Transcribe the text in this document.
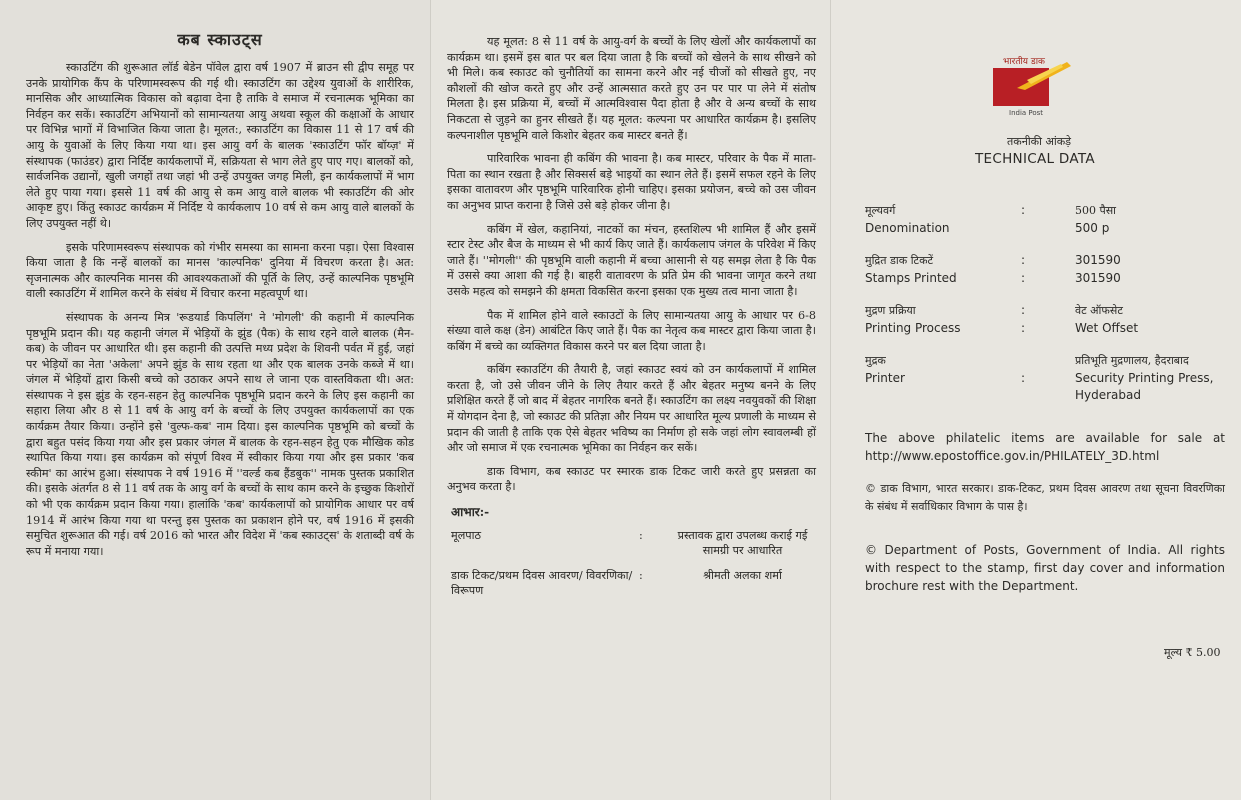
कब स्काउट्स

स्काउटिंग की शुरूआत लॉर्ड बेडेन पॉवेल द्वारा वर्ष 1907 में ब्राउन सी द्वीप समूह पर उनके प्रायोगिक कैंप के परिणामस्वरूप की गई थी। स्काउटिंग का उद्देश्य युवाओं के शारीरिक, मानसिक और आध्यात्मिक विकास को बढ़ावा देना है ताकि वे समाज में रचनात्मक भूमिका का निर्वहन कर सकें। स्काउटिंग अभियानों को सामान्यतया आयु अथवा स्कूल की कक्षाओं के आधार पर विभिन्न भागों में विभाजित किया जाता है। मूलत:, स्काउटिंग का विकास 11 से 17 वर्ष की आयु के युवाओं के लिए किया गया था। इस आयु वर्ग के बालक 'स्काउटिंग फॉर बॉय्ज़' में संस्थापक (फाउंडर) द्वारा निर्दिष्ट कार्यकलापों में, सक्रियता से भाग लेते हुए पाए गए। बालकों को, सार्वजनिक उद्यानों, खुली जगहों तथा जहां भी उन्हें उपयुक्त जगह मिली, इन कार्यकलापों में भाग लेते हुए पाया गया। इससे 11 वर्ष की आयु से कम आयु वाले बालक भी स्काउटिंग की ओर आकृष्ट हुए। किंतु स्काउट कार्यक्रम में निर्दिष्ट ये कार्यकलाप 10 वर्ष से कम आयु वाले बालकों के लिए उपयुक्त नहीं थे।

इसके परिणामस्वरूप संस्थापक को गंभीर समस्या का सामना करना पड़ा। ऐसा विश्वास किया जाता है कि नन्हें बालकों का मानस 'काल्पनिक' दुनिया में विचरण करता है। अत: सृजनात्मक और काल्पनिक मानस की आवश्यकताओं की पूर्ति के लिए, उन्हें काल्पनिक पृष्ठभूमि वाली स्काउटिंग में शामिल करने के संबंध में विचार करना महत्वपूर्ण था।

संस्थापक के अनन्य मित्र 'रूडयार्ड किपलिंग' ने 'मोगली' की कहानी में काल्पनिक पृष्ठभूमि प्रदान की। यह कहानी जंगल में भेड़ियों के झुंड (पैक) के साथ रहने वाले बालक (मैन-कब) के जीवन पर आधारित थी। इस कहानी की उत्पत्ति मध्य प्रदेश के शिवनी पर्वत में हुई, जहां पर भेड़ियों का नेता 'अकेला' अपने झुंड के साथ रहता था और एक बालक उनके कब्जे में था। जंगल में भेड़ियों द्वारा किसी बच्चे को उठाकर अपने साथ ले जाना एक वास्तविकता थी। अत: संस्थापक ने इस झुंड के रहन-सहन हेतु काल्पनिक पृष्ठभूमि प्रदान करने के लिए इस कहानी का सहारा लिया और 8 से 11 वर्ष के आयु वर्ग के बच्चों के लिए उपयुक्त कार्यकलापों का एक कार्यक्रम तैयार किया। उन्होंने इसे 'वुल्फ-कब' नाम दिया। इस काल्पनिक पृष्ठभूमि को बच्चों के द्वारा बहुत पसंद किया गया और इस प्रकार जंगल में बालक के रहन-सहन हेतु एक मौखिक कोड स्थापित किया गया। इस कार्यक्रम को संपूर्ण विश्व में स्वीकार किया गया और इस प्रकार 'कब स्कीम' का आरंभ हुआ। संस्थापक ने वर्ष 1916 में ''वर्ल्ड कब हैंडबुक'' नामक पुस्तक प्रकाशित की। इसके अंतर्गत 8 से 11 वर्ष तक के आयु वर्ग के बच्चों के साथ काम करने के इच्छुक किशोरों को भी एक कार्यक्रम प्रदान किया गया। हालांकि 'कब' कार्यकलापों को प्रायोगिक आधार पर वर्ष 1914 में आरंभ किया गया था परन्तु इस पुस्तक का प्रकाशन होने पर, वर्ष 1916 में इसकी समुचित शुरूआत की गई। वर्ष 2016 को भारत और विदेश में 'कब स्काउट्स' के शताब्दी वर्ष के रूप में मनाया गया।

यह मूलत: 8 से 11 वर्ष के आयु-वर्ग के बच्चों के लिए खेलों और कार्यकलापों का कार्यक्रम था। इसमें इस बात पर बल दिया जाता है कि बच्चों को खेलने के साथ सीखने को भी मिले। कब स्काउट को चुनौतियों का सामना करने और नई चीजों को सीखते हुए, नए कौशलों की खोज करते हुए और उन्हें आत्मसात करते हुए उन पर पार पा लेने में संतोष मिलता है। इस प्रक्रिया में, बच्चों में आत्मविश्वास पैदा होता है और वे अन्य बच्चों के साथ निकटता से जुड़ने का हुनर सीखते हैं। यह मूलत: कल्पना पर आधारित कार्यक्रम है। इसलिए कल्पनाशील पृष्ठभूमि वाले किशोर बेहतर कब मास्टर बनते हैं।

पारिवारिक भावना ही कबिंग की भावना है। कब मास्टर, परिवार के पैक में माता-पिता का स्थान रखता है और सिक्सर्स बड़े भाइयों का स्थान लेते हैं। इसमें सफल रहने के लिए इसका वातावरण और पृष्ठभूमि पारिवारिक होनी चाहिए। इसका प्रयोजन, बच्चे को उस जीवन का अनुभव प्राप्त कराना है जिसे उसे बड़े होकर जीना है।

कबिंग में खेल, कहानियां, नाटकों का मंचन, हस्तशिल्प भी शामिल हैं और इसमें स्टार टेस्ट और बैज के माध्यम से भी कार्य किए जाते हैं। कार्यकलाप जंगल के परिवेश में किए जाते हैं। ''मोगली'' की पृष्ठभूमि वाली कहानी में बच्चा आसानी से यह समझ लेता है कि पैक में उससे क्या आशा की गई है। बाहरी वातावरण के प्रति प्रेम की भावना जागृत करने तथा उसके महत्व को समझने की क्षमता विकसित करना इसका एक मुख्य तत्व माना जाता है।

पैक में शामिल होने वाले स्काउटों के लिए सामान्यतया आयु के आधार पर 6-8 संख्या वाले कक्ष (डेन) आबंटित किए जाते हैं। पैक का नेतृत्व कब मास्टर द्वारा किया जाता है। कबिंग में बच्चे का व्यक्तिगत विकास करने पर बल दिया जाता है।

कबिंग स्काउटिंग की तैयारी है, जहां स्काउट स्वयं को उन कार्यकलापों में शामिल करता है, जो उसे जीवन जीने के लिए तैयार करते हैं और बेहतर मनुष्य बनने के लिए प्रशिक्षित करते हैं जो बाद में बेहतर नागरिक बनते हैं। स्काउटिंग का लक्ष्य नवयुवकों की शिक्षा में योगदान देना है, जो स्काउट की प्रतिज्ञा और नियम पर आधारित मूल्य प्रणाली के माध्यम से प्रदान की जाती है ताकि एक ऐसे बेहतर भविष्य का निर्माण हो सके जहां लोग स्वावलम्बी हों और जो समाज में एक रचनात्मक भूमिका का निर्वहन कर सकें।

डाक विभाग, कब स्काउट पर स्मारक डाक टिकट जारी करते हुए प्रसन्नता का अनुभव करता है।

आभार:-
मूलपाठ	:	प्रस्तावक द्वारा उपलब्ध कराई गई सामग्री पर आधारित
डाक टिकट/प्रथम दिवस आवरण/ विवरणिका/विरूपण
:	श्रीमती अलका शर्मा
भारतीय डाक
India Post
तकनीकी आंकड़े
TECHNICAL DATA
मूल्यवर्ग	:	500 पैसा
Denomination	500 p
मुद्रित डाक टिकटें	:	301590
Stamps Printed	:	301590
मुद्रण प्रक्रिया	:	वेट ऑफसेट
Printing Process	:	Wet Offset
मुद्रक	प्रतिभूति मुद्रणालय, हैदराबाद
Printer	:	Security Printing Press, Hyderabad
The above philatelic items are available for sale at http://www.epostoffice.gov.in/PHILATELY_3D.html
© डाक विभाग, भारत सरकार। डाक-टिकट, प्रथम दिवस आवरण तथा सूचना विवरणिका के संबंध में सर्वाधिकार विभाग के पास है।
© Department of Posts, Government of India. All rights with respect to the stamp, first day cover and information brochure rest with the Department.
मूल्य ₹ 5.00
